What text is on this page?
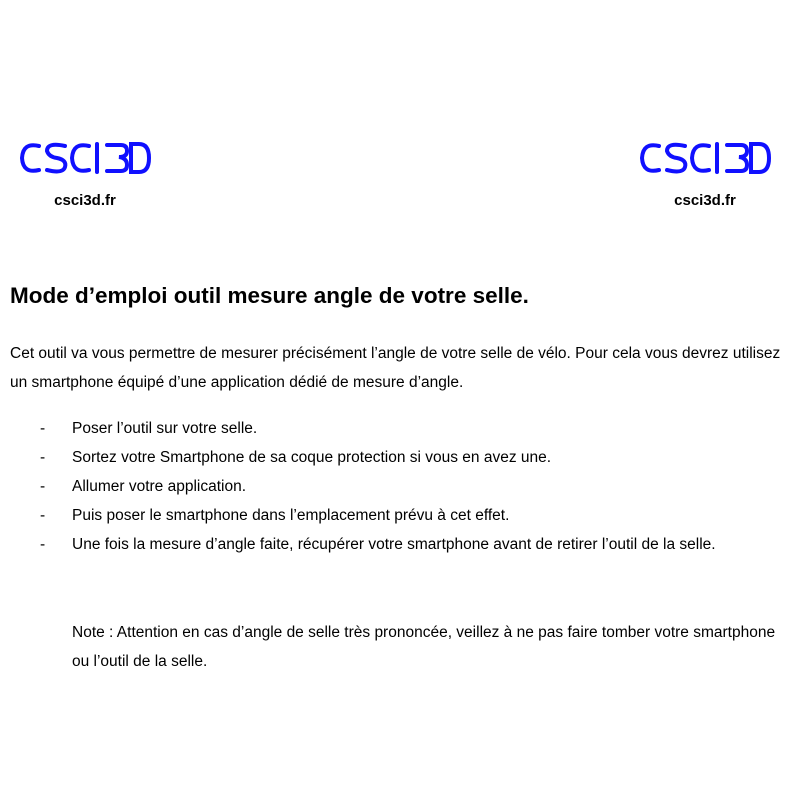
csci3d.fr	csci3d.fr
Mode d’emploi outil mesure angle de votre selle.

Cet outil va vous permettre de mesurer précisément l’angle de votre selle de vélo. Pour cela vous devrez utilisez un smartphone équipé d’une application dédié de mesure d’angle.

- Poser l’outil sur votre selle.
- Sortez votre Smartphone de sa coque protection si vous en avez une.
- Allumer votre application.
- Puis poser le smartphone dans l’emplacement prévu à cet effet.
- Une fois la mesure d’angle faite, récupérer votre smartphone avant de retirer l’outil de la selle.

Note : Attention en cas d’angle de selle très prononcée, veillez à ne pas faire tomber votre smartphone ou l’outil de la selle.
